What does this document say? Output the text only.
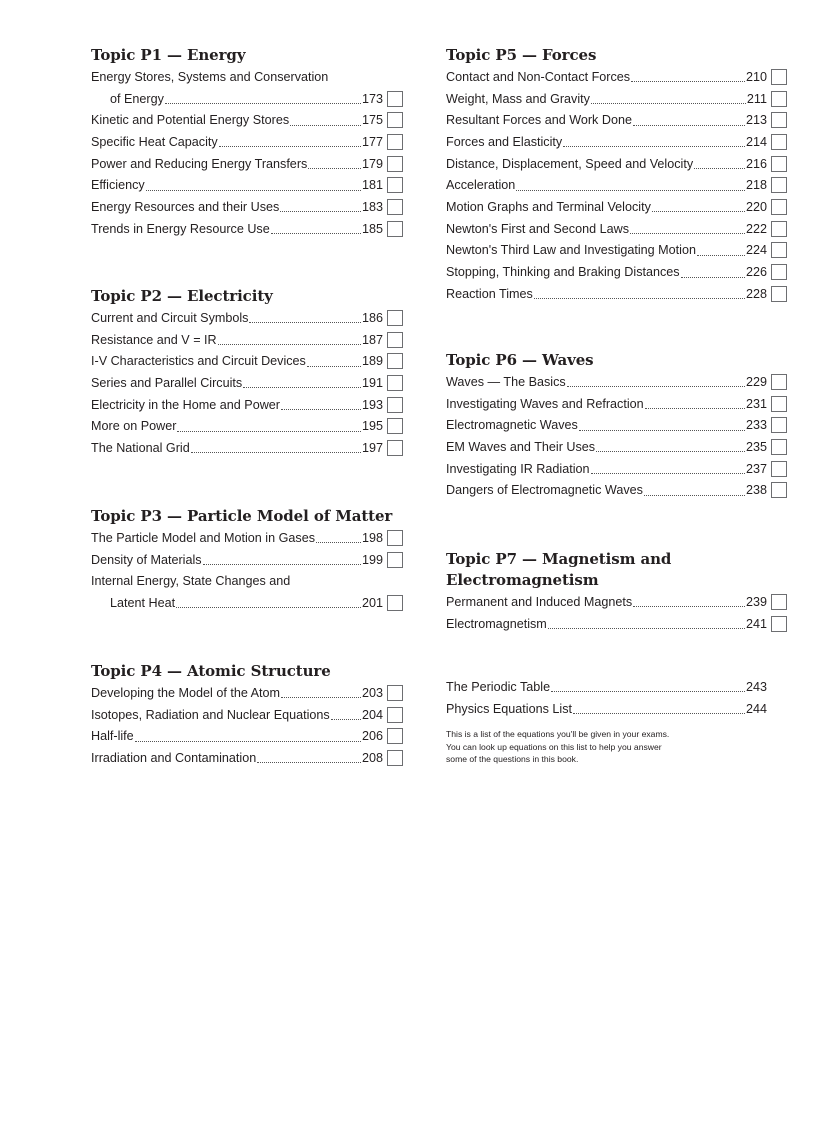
Topic P1 — Energy
Energy Stores, Systems and Conservation
of Energy	173
Kinetic and Potential Energy Stores	175
Specific Heat Capacity	177
Power and Reducing Energy Transfers	179
Efficiency	181
Energy Resources and their Uses	183
Trends in Energy Resource Use	185
Topic P2 — Electricity
Current and Circuit Symbols	186
Resistance and V = IR	187
I-V Characteristics and Circuit Devices	189
Series and Parallel Circuits	191
Electricity in the Home and Power	193
More on Power	195
The National Grid	197
Topic P3 — Particle Model of Matter
The Particle Model and Motion in Gases	198
Density of Materials	199
Internal Energy, State Changes and
Latent Heat	201
Topic P4 — Atomic Structure
Developing the Model of the Atom	203
Isotopes, Radiation and Nuclear Equations	204
Half-life	206
Irradiation and Contamination	208
Topic P5 — Forces
Contact and Non-Contact Forces	210
Weight, Mass and Gravity	211
Resultant Forces and Work Done	213
Forces and Elasticity	214
Distance, Displacement, Speed and Velocity	216
Acceleration	218
Motion Graphs and Terminal Velocity	220
Newton's First and Second Laws	222
Newton's Third Law and Investigating Motion	224
Stopping, Thinking and Braking Distances	226
Reaction Times	228
Topic P6 — Waves
Waves — The Basics	229
Investigating Waves and Refraction	231
Electromagnetic Waves	233
EM Waves and Their Uses	235
Investigating IR Radiation	237
Dangers of Electromagnetic Waves	238
Topic P7 — Magnetism and
Electromagnetism
Permanent and Induced Magnets	239
Electromagnetism	241
The Periodic Table	243
Physics Equations List	244
This is a list of the equations you'll be given in your exams.
You can look up equations on this list to help you answer
some of the questions in this book.
